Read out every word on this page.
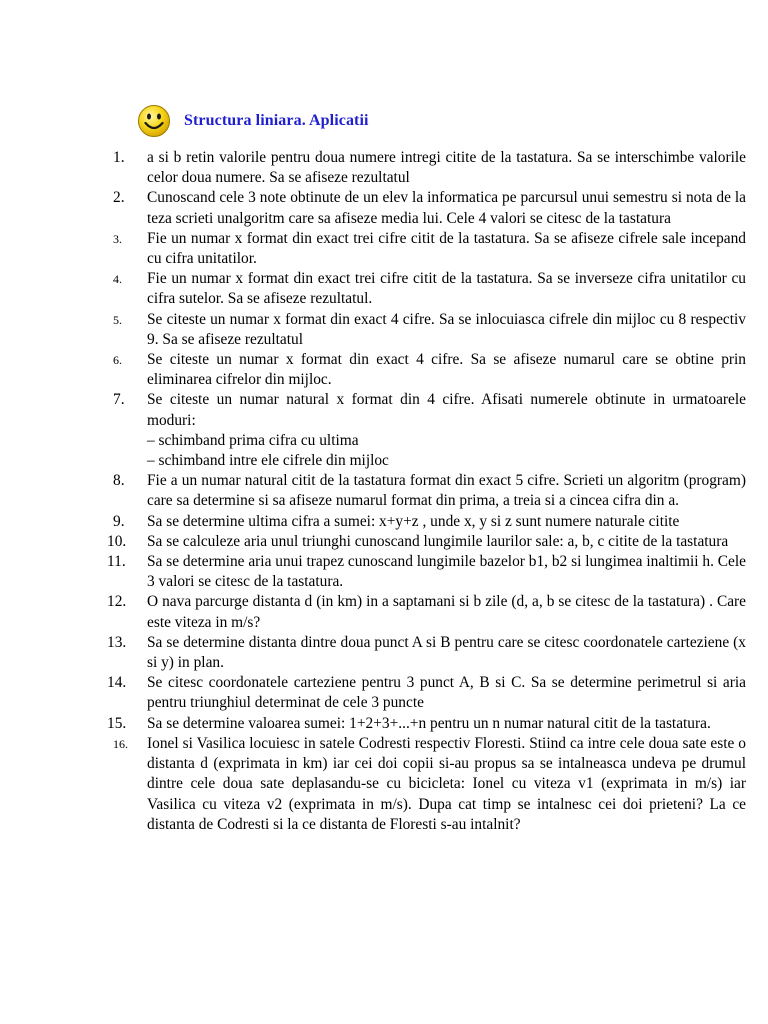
Structura liniara. Aplicatii
1.	a si b retin valorile pentru doua numere intregi citite de la tastatura. Sa se interschimbe valorile celor doua numere. Sa se afiseze rezultatul
2.	Cunoscand cele 3 note obtinute de un elev la informatica pe parcursul unui semestru si nota de la teza scrieti unalgoritm care sa afiseze media lui. Cele 4 valori se citesc de la tastatura
3.	Fie un numar x format din exact trei cifre citit de la tastatura. Sa se afiseze cifrele sale incepand cu cifra unitatilor.
4.	Fie un numar x format din exact trei cifre citit de la tastatura. Sa se inverseze cifra unitatilor cu cifra sutelor. Sa se afiseze rezultatul.
5.	Se citeste un numar x format din exact 4 cifre. Sa se inlocuiasca cifrele din mijloc cu 8 respectiv 9. Sa se afiseze rezultatul
6.	Se citeste un numar x format din exact 4 cifre. Sa se afiseze numarul care se obtine prin eliminarea cifrelor din mijloc.
7.	Se citeste un numar natural x format din 4 cifre. Afisati numerele obtinute in urmatoarele moduri:
– schimband prima cifra cu ultima
– schimband intre ele cifrele din mijloc
8.	Fie a un numar natural citit de la tastatura format din exact 5 cifre. Scrieti un algoritm (program) care sa determine si sa afiseze numarul format din prima, a treia si a cincea cifra din a.
9.	Sa se determine ultima cifra a sumei: x+y+z , unde x, y si z sunt numere naturale citite
10.	Sa se calculeze aria unul triunghi cunoscand lungimile laurilor sale: a, b, c citite de la tastatura
11.	Sa se determine aria unui trapez cunoscand lungimile bazelor b1, b2 si lungimea inaltimii h. Cele 3 valori se citesc de la tastatura.
12.	O nava parcurge distanta d (in km) in a saptamani si b zile (d, a, b se citesc de la tastatura) . Care este viteza in m/s?
13.	Sa se determine distanta dintre doua punct A si B pentru care se citesc coordonatele carteziene (x si y) in plan.
14.	Se citesc coordonatele carteziene pentru 3 punct A, B si C. Sa se determine perimetrul si aria pentru triunghiul determinat de cele 3 puncte
15.	Sa se determine valoarea sumei: 1+2+3+...+n pentru un n numar natural citit de la tastatura.
16.	Ionel si Vasilica locuiesc in satele Codresti respectiv Floresti. Stiind ca intre cele doua sate este o distanta d (exprimata in km) iar cei doi copii si-au propus sa se intalneasca undeva pe drumul dintre cele doua sate deplasandu-se cu bicicleta: Ionel cu viteza v1 (exprimata in m/s) iar Vasilica cu viteza v2 (exprimata in m/s). Dupa cat timp se intalnesc cei doi prieteni? La ce distanta de Codresti si la ce distanta de Floresti s-au intalnit?
